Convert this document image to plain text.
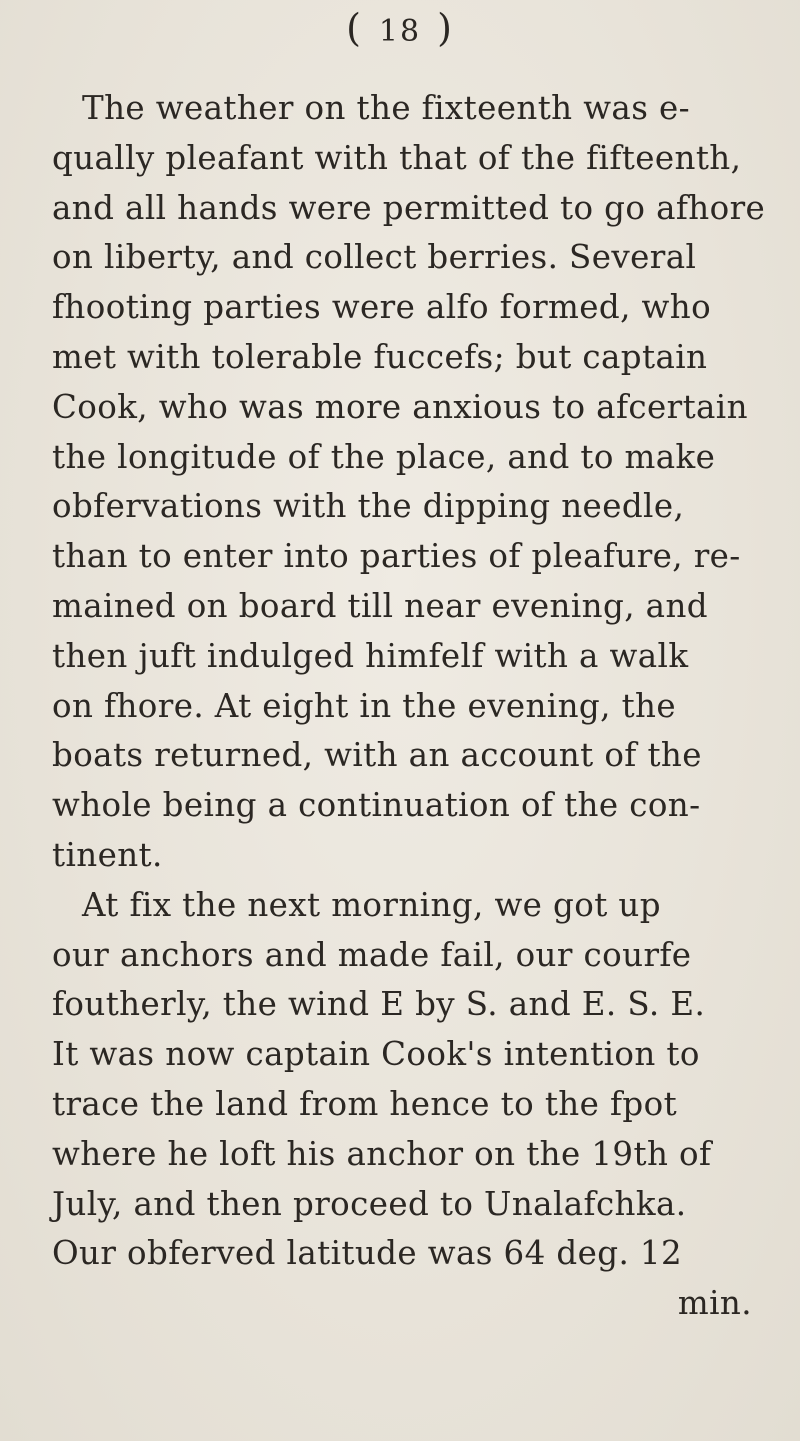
( 18 )
The weather on the fixteenth was e-
qually pleafant with that of the fifteenth,
and all hands were permitted to go afhore
on liberty, and collect berries. Several
fhooting parties were alfo formed, who
met with tolerable fuccefs; but captain
Cook, who was more anxious to afcertain
the longitude of the place, and to make
obfervations with the dipping needle,
than to enter into parties of pleafure, re-
mained on board till near evening, and
then juft indulged himfelf with a walk
on fhore. At eight in the evening, the
boats returned, with an account of the
whole being a continuation of the con-
tinent.
At fix the next morning, we got up
our anchors and made fail, our courfe
foutherly, the wind E by S. and E. S. E.
It was now captain Cook's intention to
trace the land from hence to the fpot
where he loft his anchor on the 19th of
July, and then proceed to Unalafchka.
Our obferved latitude was 64 deg. 12
min.
